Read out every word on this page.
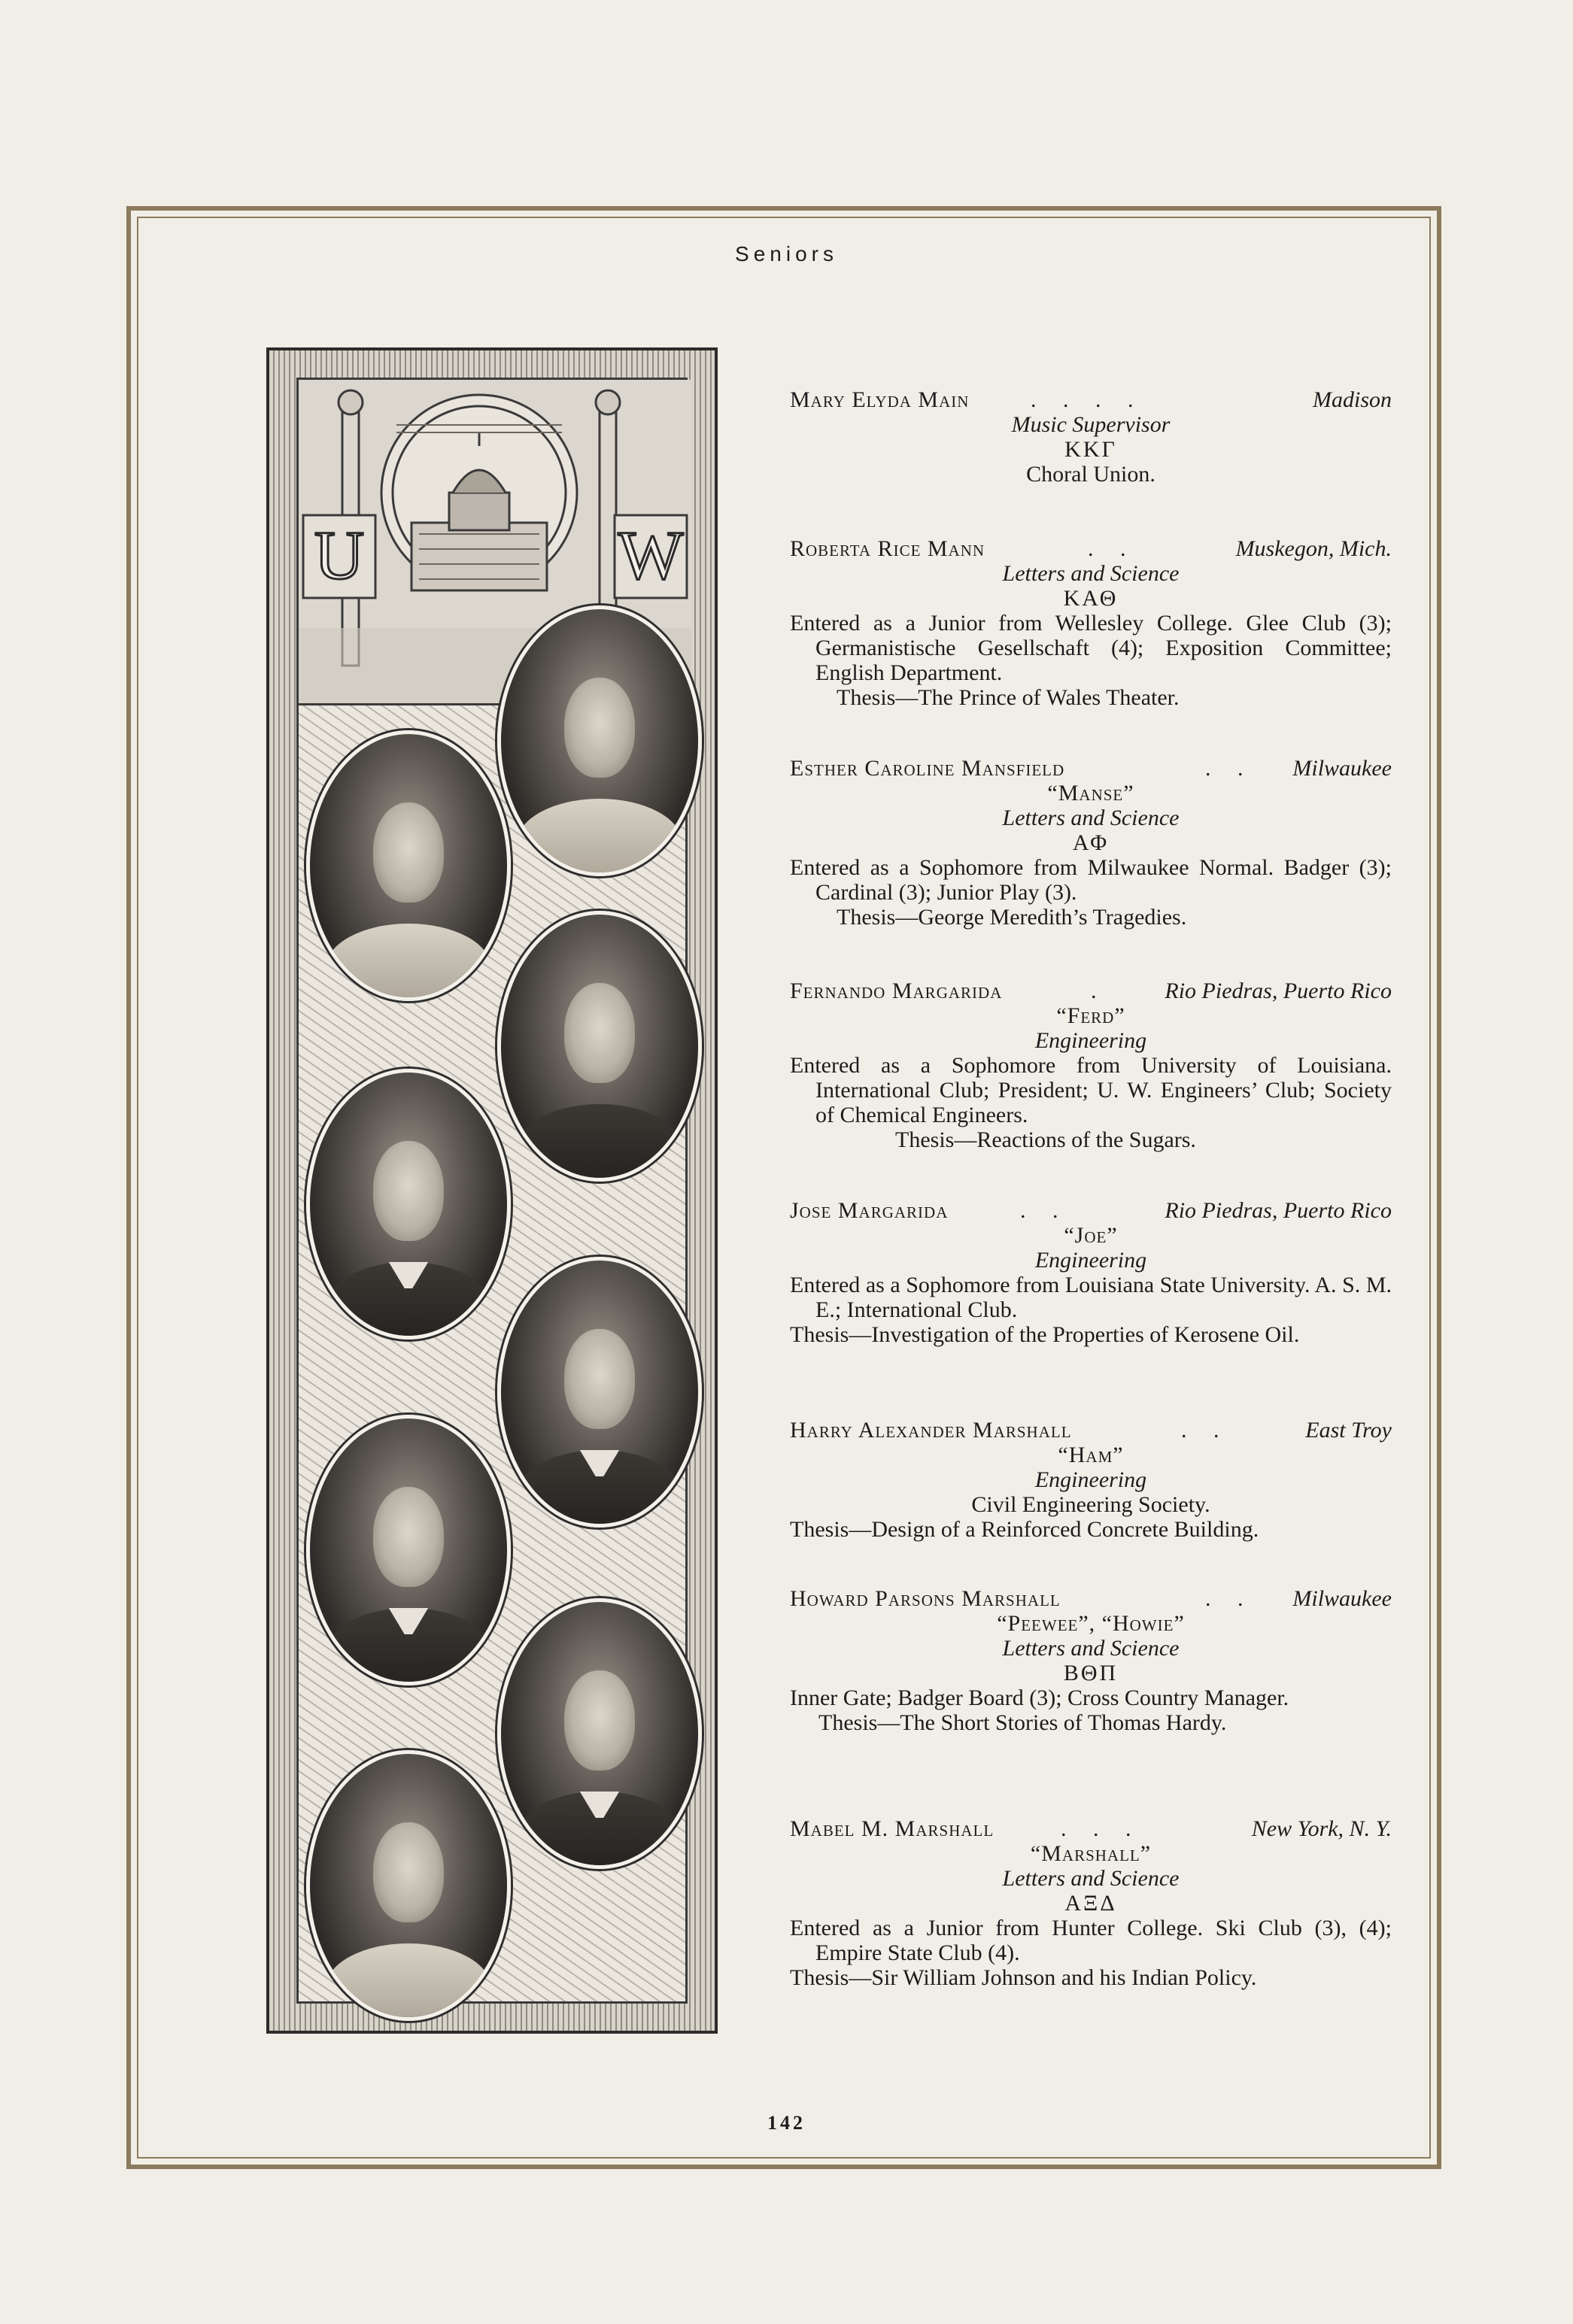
Seniors
U	W
Mary Elyda Main	. . . .	Madison
Music Supervisor
ΚΚΓ
Choral Union.
Roberta Rice Mann	. .	Muskegon, Mich.
Letters and Science
ΚΑΘ
Entered as a Junior from Wellesley College. Glee Club (3); Germanistische Gesellschaft (4); Exposition Committee; English Department.
Thesis—The Prince of Wales Theater.
Esther Caroline Mansfield	. . Milwaukee
“Manse”
Letters and Science
ΑΦ
Entered as a Sophomore from Milwaukee Normal. Badger (3); Cardinal (3); Junior Play (3).
Thesis—George Meredith’s Tragedies.
Fernando Margarida	.	Rio Piedras, Puerto Rico
“Ferd”
Engineering
Entered as a Sophomore from University of Louisiana. International Club; President; U. W. Engineers’ Club; Society of Chemical Engineers.
Thesis—Reactions of the Sugars.
Jose Margarida	. .	Rio Piedras, Puerto Rico
“Joe”
Engineering
Entered as a Sophomore from Louisiana State University. A. S. M. E.; International Club.
Thesis—Investigation of the Properties of Kerosene Oil.
Harry Alexander Marshall	. .	East Troy
“Ham”
Engineering
Civil Engineering Society.
Thesis—Design of a Reinforced Concrete Building.
Howard Parsons Marshall	. . Milwaukee
“Peewee”, “Howie”
Letters and Science
ΒΘΠ
Inner Gate; Badger Board (3); Cross Country Manager.
Thesis—The Short Stories of Thomas Hardy.
Mabel M. Marshall	. . .	New York, N. Y.
“Marshall”
Letters and Science
ΑΞΔ
Entered as a Junior from Hunter College. Ski Club (3), (4); Empire State Club (4).
Thesis—Sir William Johnson and his Indian Policy.
142
